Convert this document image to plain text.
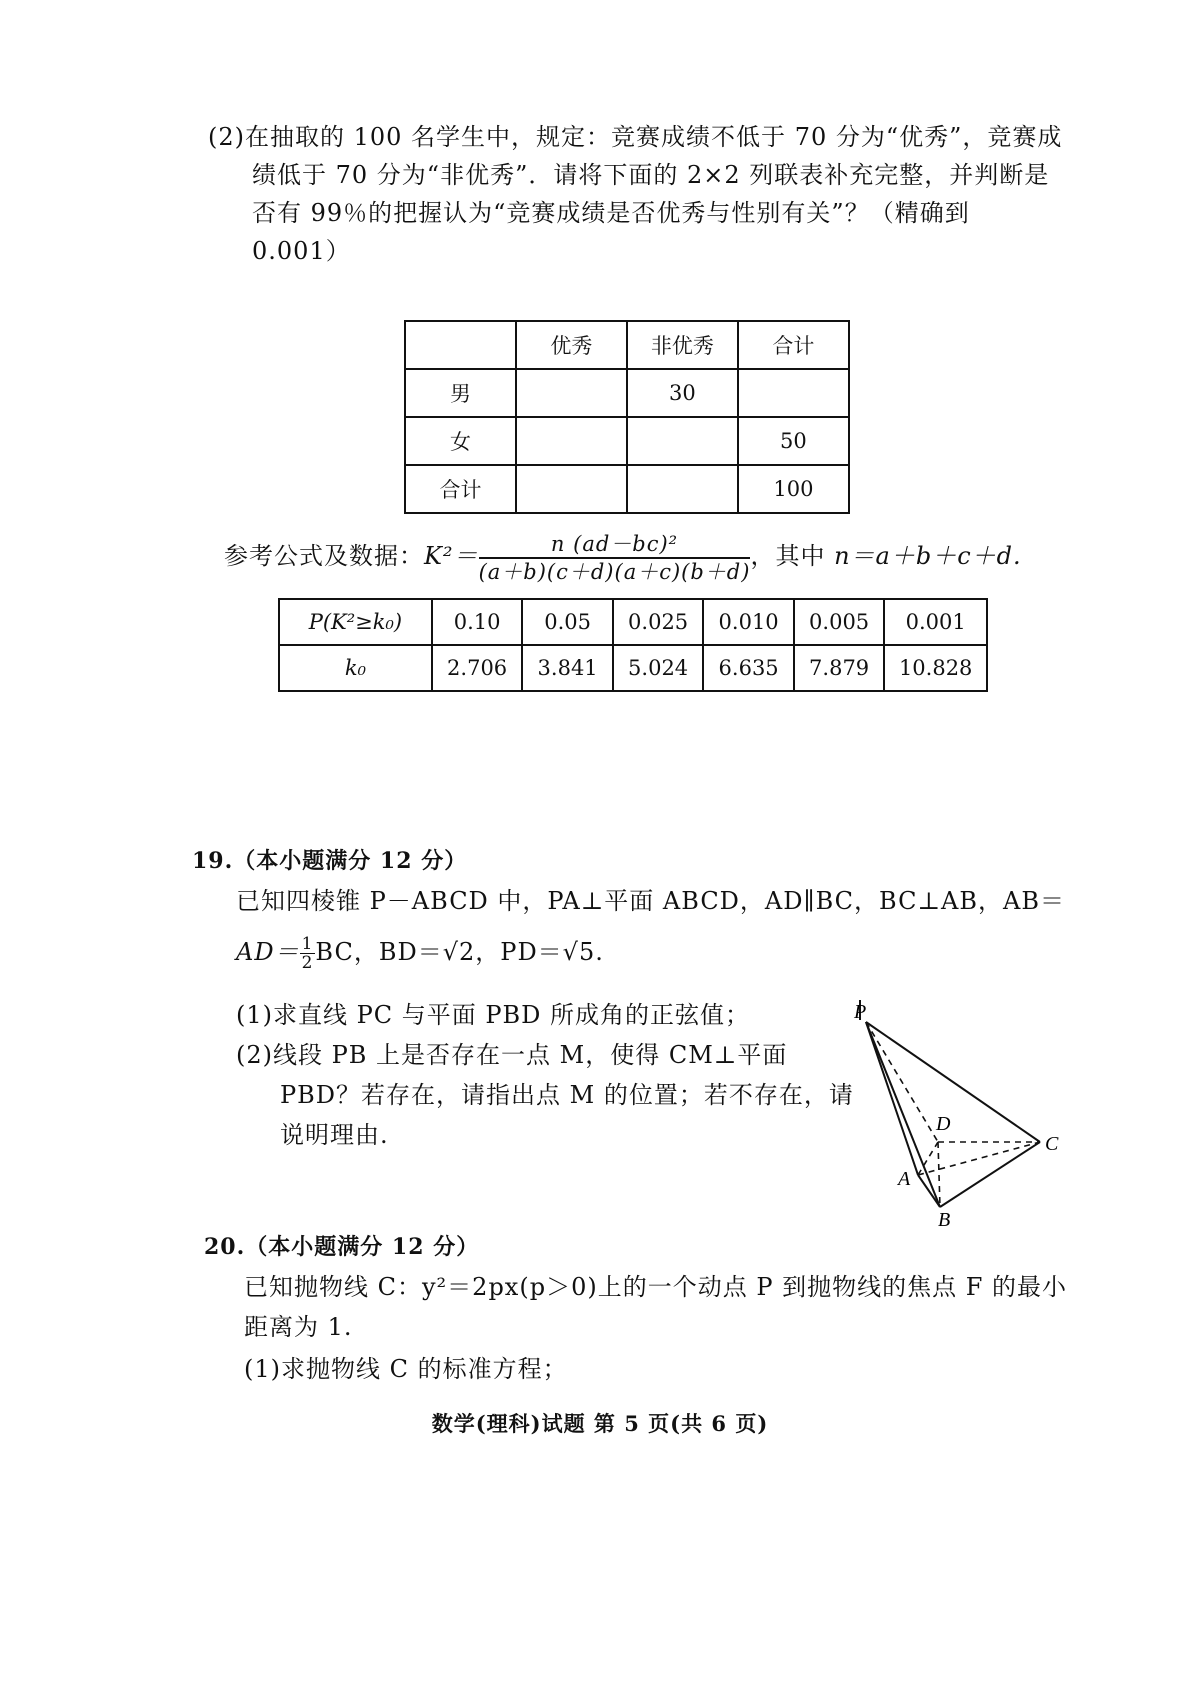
(2)在抽取的 100 名学生中，规定：竞赛成绩不低于 70 分为“优秀”，竞赛成
绩低于 70 分为“非优秀”．请将下面的 2×2 列联表补充完整，并判断是
否有 99％的把握认为“竞赛成绩是否优秀与性别有关”？（精确到
0.001）
	优秀	非优秀	合计
男		30	
女			50
合计			100
参考公式及数据：$K^2= \frac{\text{n (ad－bc)²}}{(a+b)(c+d)(a+c)(b+d)}$ ，其中 n＝a＋b＋c＋d.
P(K²≥k₀)	0.10	0.05	0.025	0.010	0.005	0.001
k₀	2.706	3.841	5.024	6.635	7.879	10.828
19.（本小题满分 12 分）
已知四棱锥 P－ABCD 中，PA⊥平面 ABCD，AD∥BC，BC⊥AB，AB＝
$AD= \frac{1}{2}$ BC，BD＝√2，PD＝√5.
(1)求直线 PC 与平面 PBD 所成角的正弦值；
(2)线段 PB 上是否存在一点 M，使得 CM⊥平面
PBD？若存在，请指出点 M 的位置；若不存在，请
说明理由.
P
D
C
A
B
20.（本小题满分 12 分）
已知抛物线 C：y²＝2px(p＞0)上的一个动点 P 到抛物线的焦点 F 的最小
距离为 1.
(1)求抛物线 C 的标准方程；
数学(理科)试题 第 5 页(共 6 页)
